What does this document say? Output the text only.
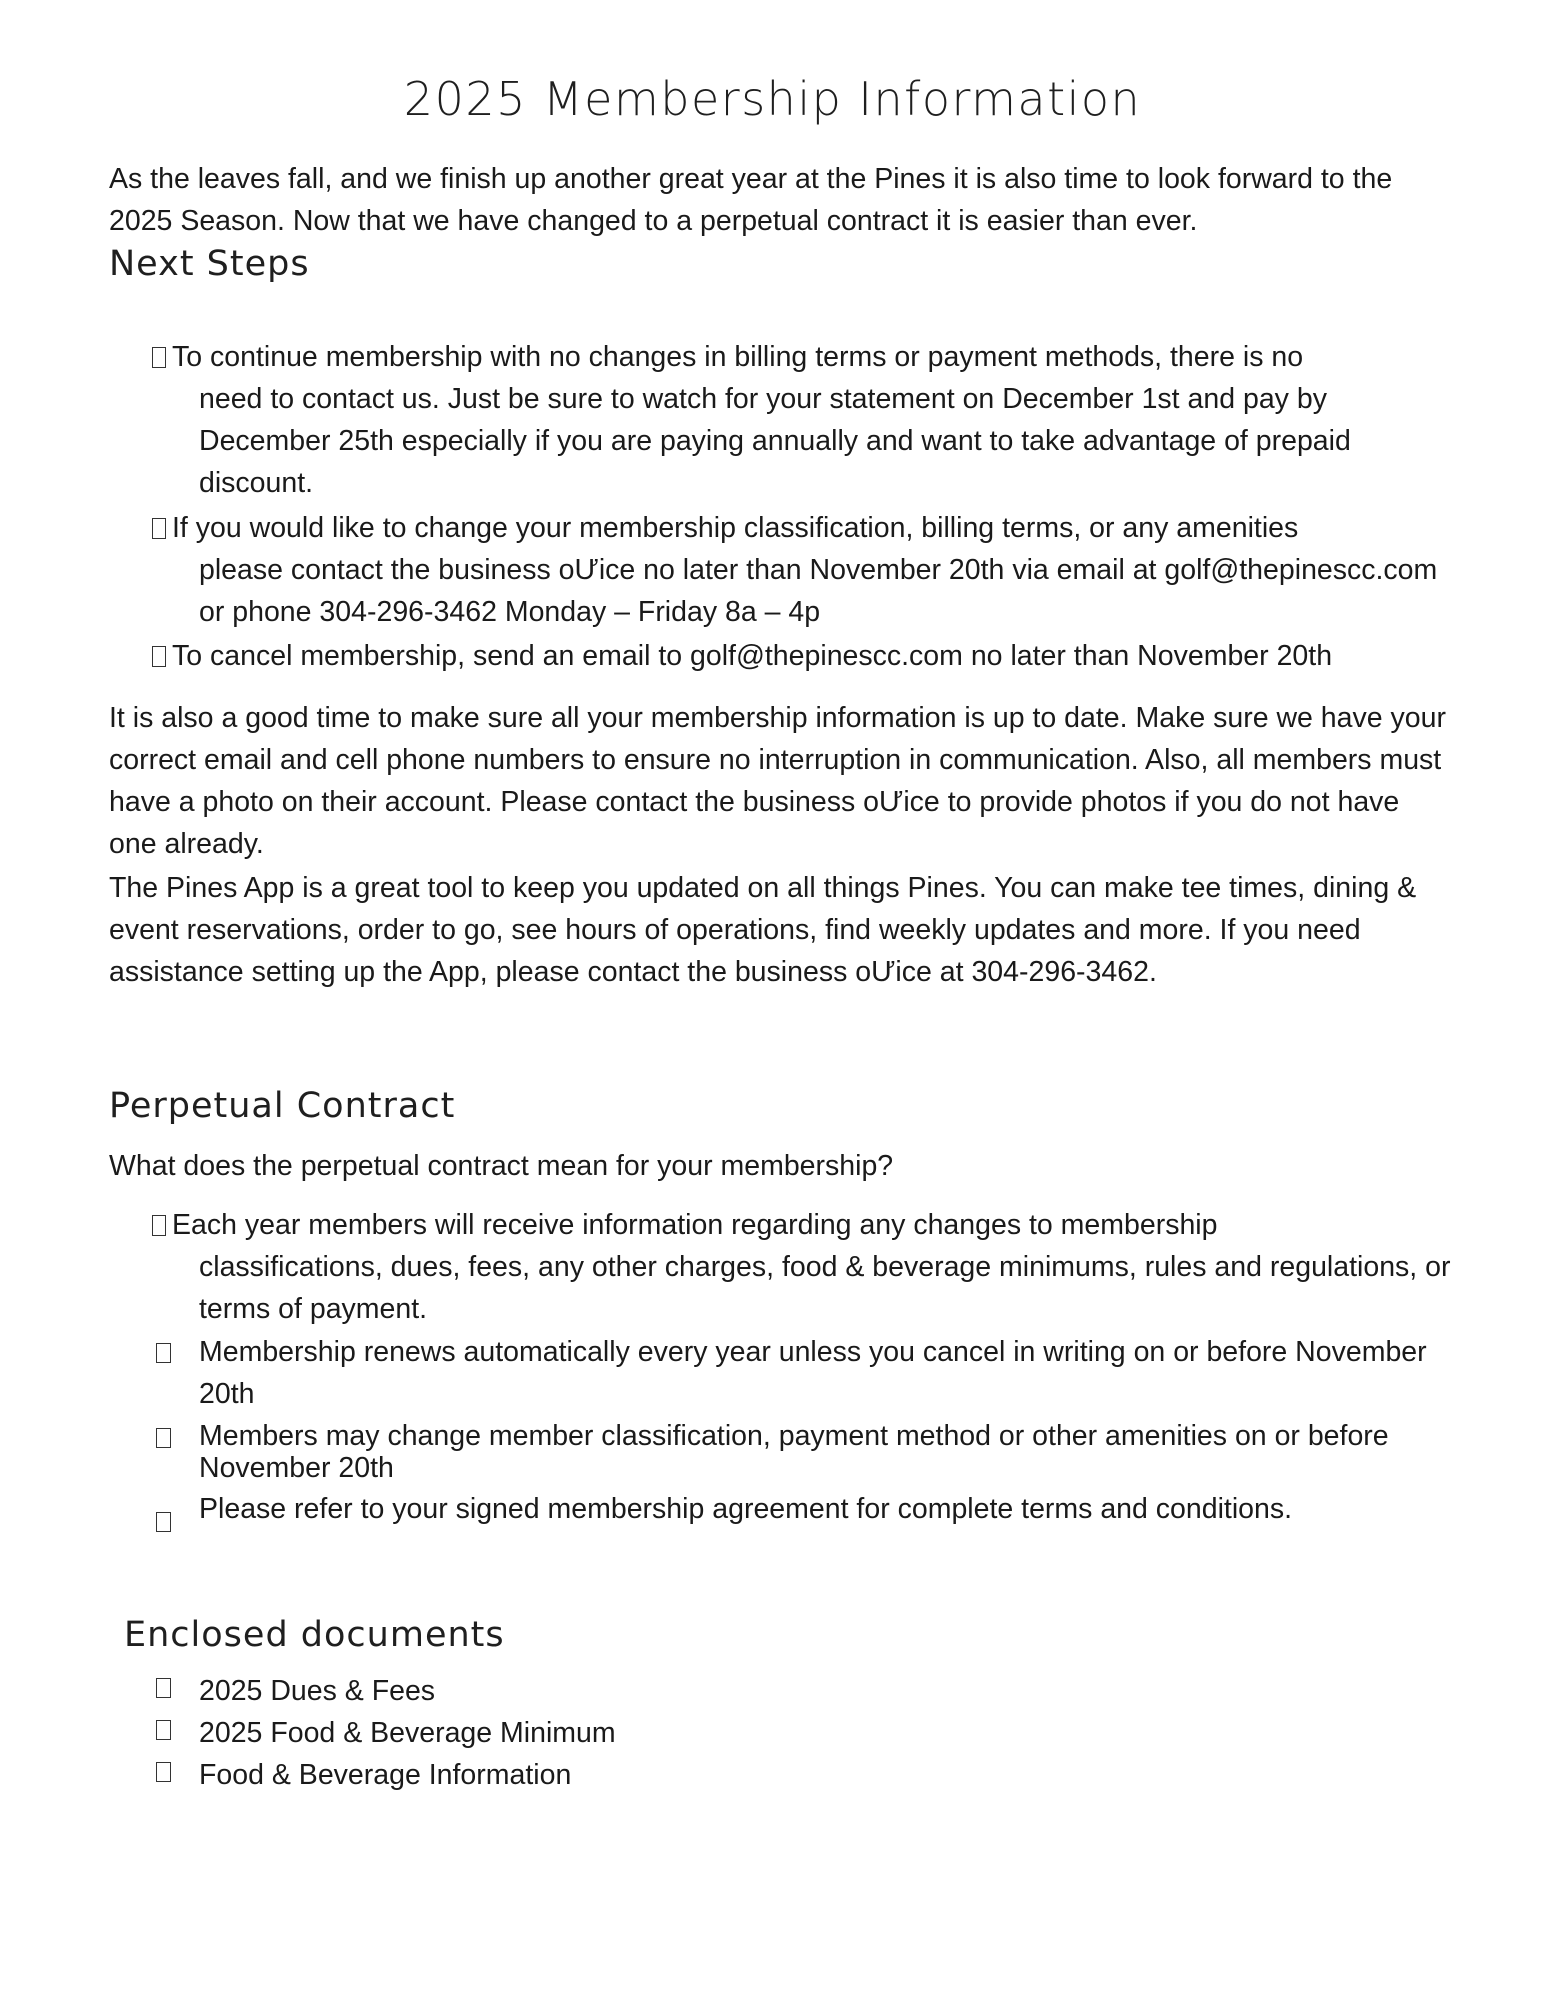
2025 Membership Information
As the leaves fall, and we finish up another great year at the Pines it is also time to look forward to the 2025 Season. Now that we have changed to a perpetual contract it is easier than ever.
Next Steps
To continue membership with no changes in billing terms or payment methods, there is no
need to contact us. Just be sure to watch for your statement on December 1st and pay by December 25th especially if you are paying annually and want to take advantage of prepaid discount.
If you would like to change your membership classification, billing terms, or any amenities
please contact the business oƯice no later than November 20th via email at golf@thepinescc.com or phone 304-296-3462 Monday – Friday 8a – 4p
To cancel membership, send an email to golf@thepinescc.com no later than November 20th
It is also a good time to make sure all your membership information is up to date. Make sure we have your correct email and cell phone numbers to ensure no interruption in communication. Also, all members must have a photo on their account. Please contact the business oƯice to provide photos if you do not have one already.
The Pines App is a great tool to keep you updated on all things Pines. You can make tee times, dining & event reservations, order to go, see hours of operations, find weekly updates and more. If you need assistance setting up the App, please contact the business oƯice at 304-296-3462.
Perpetual Contract
What does the perpetual contract mean for your membership?
Each year members will receive information regarding any changes to membership
classifications, dues, fees, any other charges, food & beverage minimums, rules and regulations, or terms of payment.
Membership renews automatically every year unless you cancel in writing on or before November 20th
Members may change member classification, payment method or other amenities on or before November 20th
Please refer to your signed membership agreement for complete terms and conditions.
Enclosed documents
2025 Dues & Fees
2025 Food & Beverage Minimum
Food & Beverage Information
